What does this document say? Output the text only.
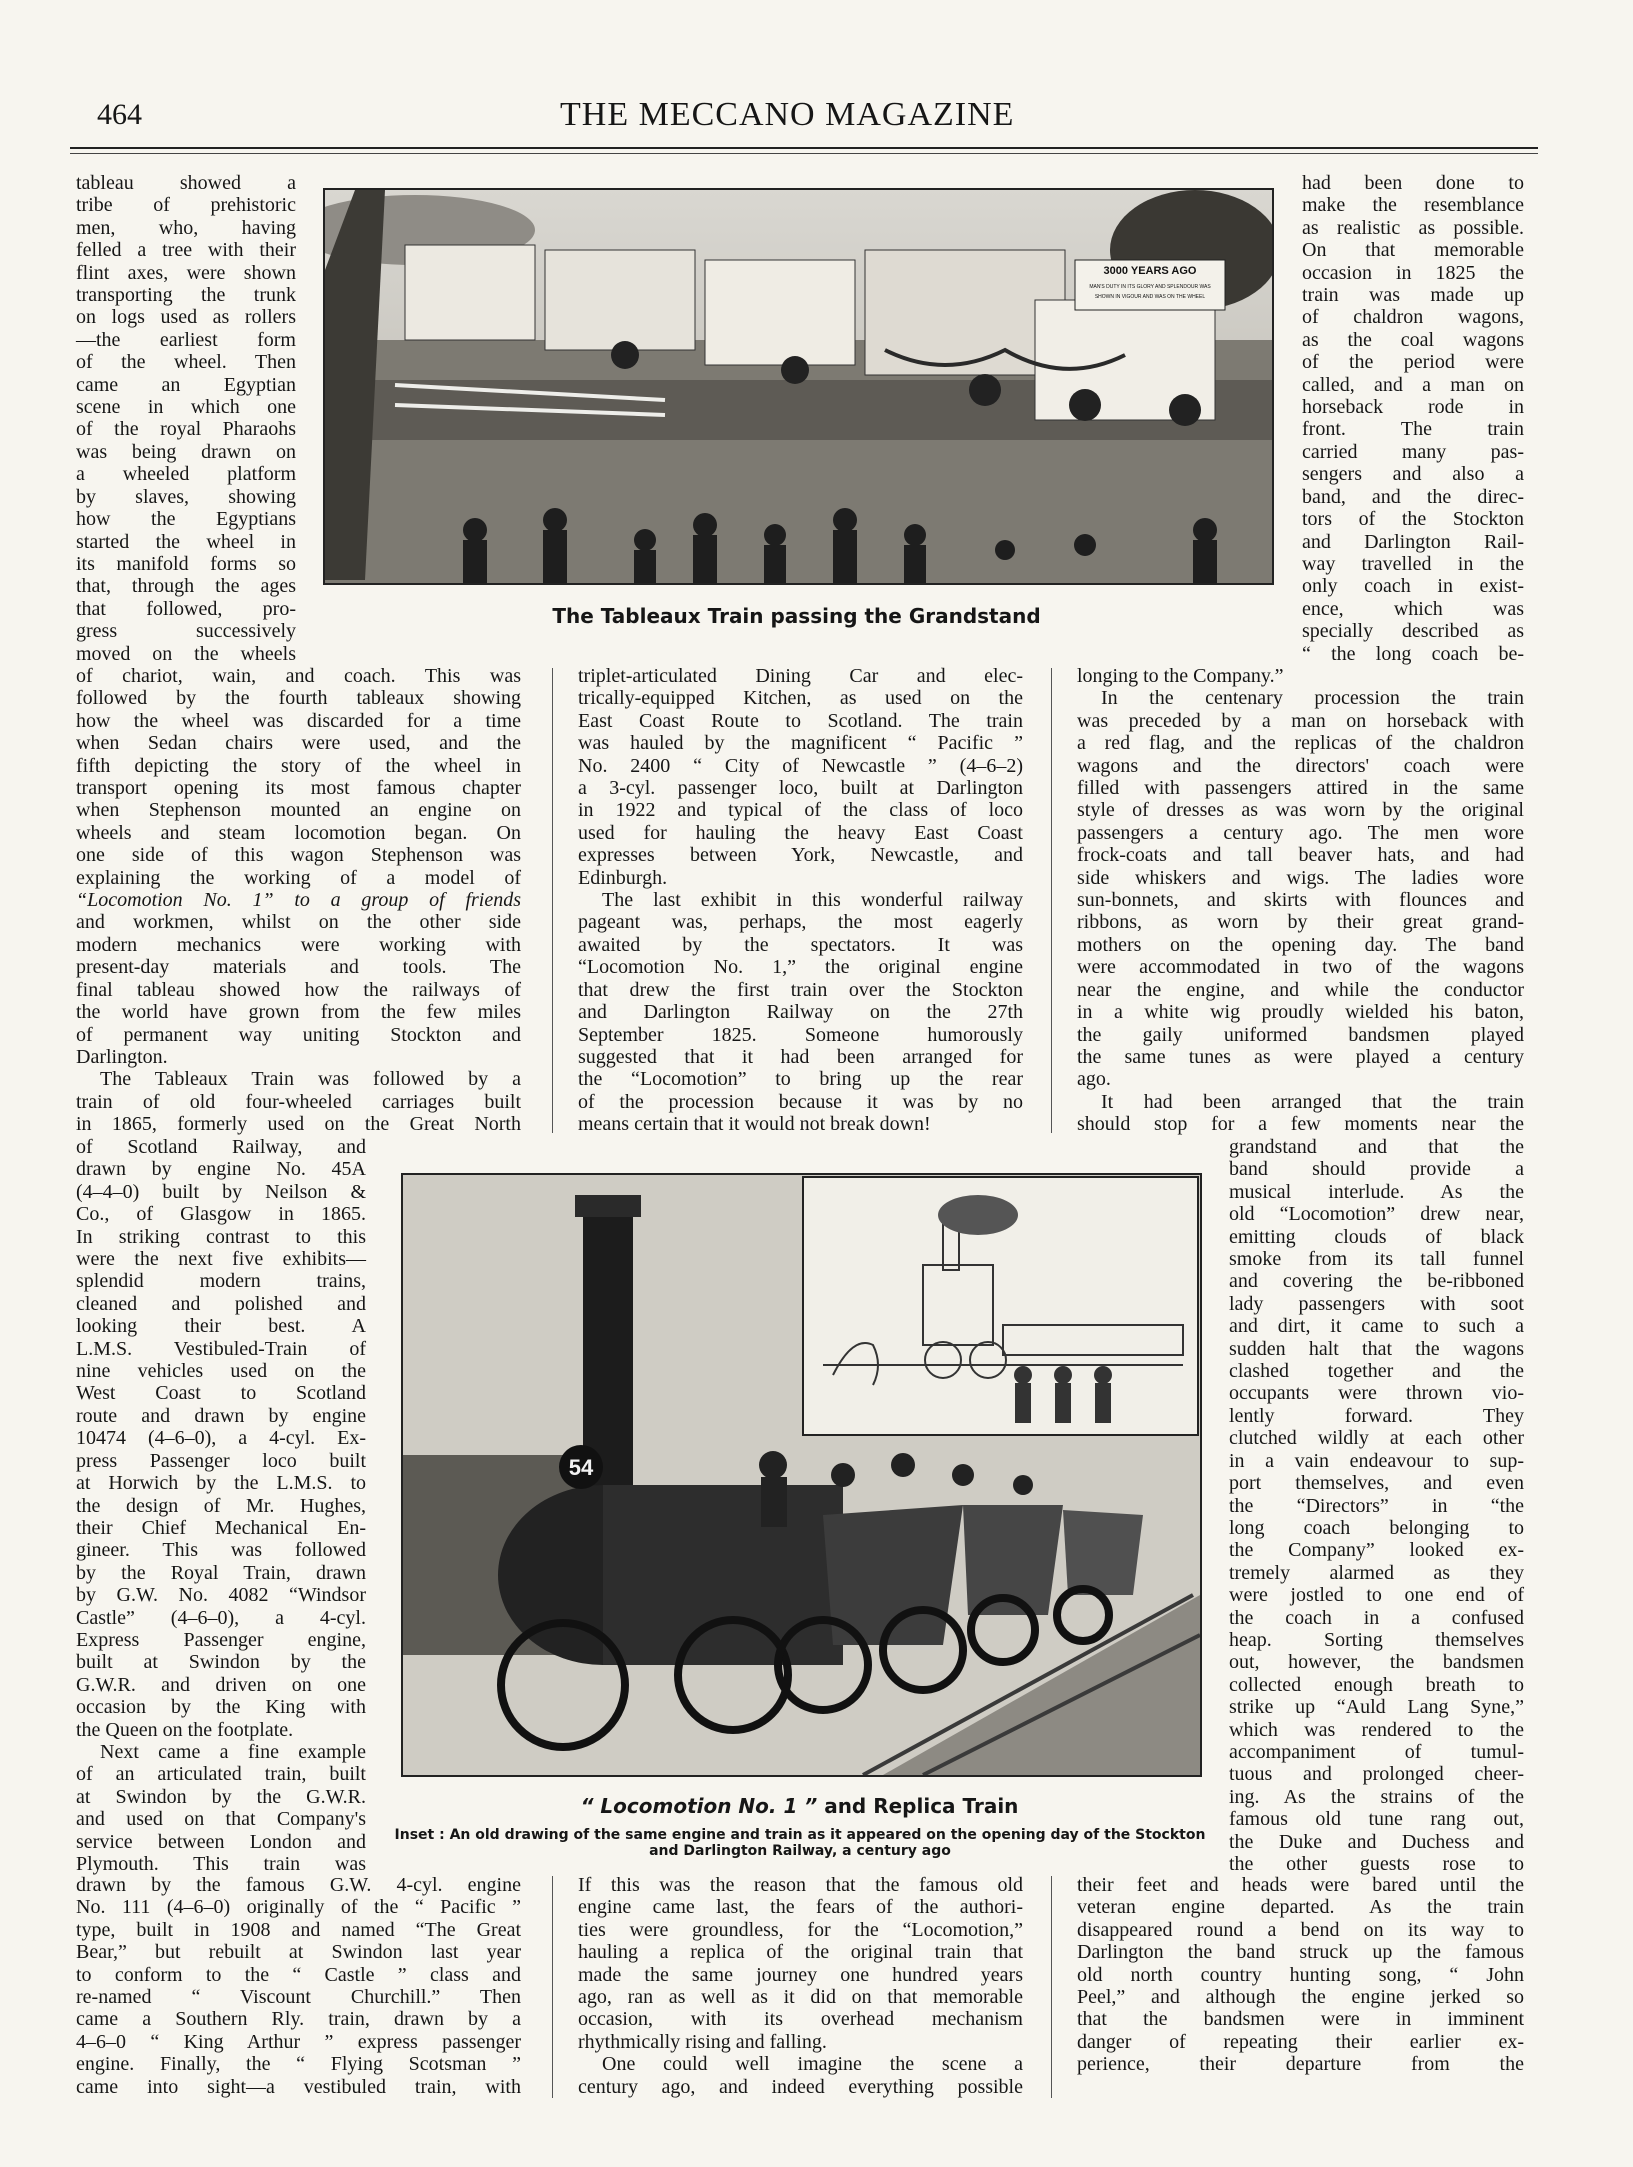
464	THE MECCANO MAGAZINE
3000 YEARS AGO
MAN'S DUTY IN ITS GLORY AND SPLENDOUR WAS
SHOWN IN VIGOUR AND WAS ON THE WHEEL
The Tableaux Train passing the Grandstand
54
“ Locomotion No. 1 ” and Replica Train
Inset : An old drawing of the same engine and train as it appeared on the opening day of the Stockton
and Darlington Railway, a century ago

tableau showed a

tribe of prehistoric

men, who, having

felled a tree with their

flint axes, were shown

transporting the trunk

on logs used as rollers

—the earliest form

of the wheel. Then

came an Egyptian

scene in which one

of the royal Pharaohs

was being drawn on

a wheeled platform

by slaves, showing

how the Egyptians

started the wheel in

its manifold forms so

that, through the ages

that followed, pro-

gress successively

moved on the wheels

of chariot, wain, and coach. This was

followed by the fourth tableaux showing

how the wheel was discarded for a time

when Sedan chairs were used, and the

fifth depicting the story of the wheel in

transport opening its most famous chapter

when Stephenson mounted an engine on

wheels and steam locomotion began. On

one side of this wagon Stephenson was

explaining the working of a model of

“Locomotion No. 1” to a group of friends

and workmen, whilst on the other side

modern mechanics were working with

present-day materials and tools. The

final tableau showed how the railways of

the world have grown from the few miles

of permanent way uniting Stockton and

Darlington.

The Tableaux Train was followed by a

train of old four-wheeled carriages built

in 1865, formerly used on the Great North

of Scotland Railway, and

drawn by engine No. 45A

(4–4–0) built by Neilson &

Co., of Glasgow in 1865.

In striking contrast to this

were the next five exhibits—

splendid modern trains,

cleaned and polished and

looking their best. A

L.M.S. Vestibuled-Train of

nine vehicles used on the

West Coast to Scotland

route and drawn by engine

10474 (4–6–0), a 4-cyl. Ex-

press Passenger loco built

at Horwich by the L.M.S. to

the design of Mr. Hughes,

their Chief Mechanical En-

gineer. This was followed

by the Royal Train, drawn

by G.W. No. 4082 “Windsor

Castle” (4–6–0), a 4-cyl.

Express Passenger engine,

built at Swindon by the

G.W.R. and driven on one

occasion by the King with

the Queen on the footplate.

Next came a fine example

of an articulated train, built

at Swindon by the G.W.R.

and used on that Company's

service between London and

Plymouth. This train was

drawn by the famous G.W. 4-cyl. engine

No. 111 (4–6–0) originally of the “ Pacific ”

type, built in 1908 and named “The Great

Bear,” but rebuilt at Swindon last year

to conform to the “ Castle ” class and

re-named “ Viscount Churchill.” Then

came a Southern Rly. train, drawn by a

4–6–0 “ King Arthur ” express passenger

engine. Finally, the “ Flying Scotsman ”

came into sight—a vestibuled train, with

triplet-articulated Dining Car and elec-

trically-equipped Kitchen, as used on the

East Coast Route to Scotland. The train

was hauled by the magnificent “ Pacific ”

No. 2400 “ City of Newcastle ” (4–6–2)

a 3-cyl. passenger loco, built at Darlington

in 1922 and typical of the class of loco

used for hauling the heavy East Coast

expresses between York, Newcastle, and

Edinburgh.

The last exhibit in this wonderful railway

pageant was, perhaps, the most eagerly

awaited by the spectators. It was

“Locomotion No. 1,” the original engine

that drew the first train over the Stockton

and Darlington Railway on the 27th

September 1825. Someone humorously

suggested that it had been arranged for

the “Locomotion” to bring up the rear

of the procession because it was by no

means certain that it would not break down!

If this was the reason that the famous old

engine came last, the fears of the authori-

ties were groundless, for the “Locomotion,”

hauling a replica of the original train that

made the same journey one hundred years

ago, ran as well as it did on that memorable

occasion, with its overhead mechanism

rhythmically rising and falling.

One could well imagine the scene a

century ago, and indeed everything possible

had been done to

make the resemblance

as realistic as possible.

On that memorable

occasion in 1825 the

train was made up

of chaldron wagons,

as the coal wagons

of the period were

called, and a man on

horseback rode in

front. The train

carried many pas-

sengers and also a

band, and the direc-

tors of the Stockton

and Darlington Rail-

way travelled in the

only coach in exist-

ence, which was

specially described as

“ the long coach be-

longing to the Company.”

In the centenary procession the train

was preceded by a man on horseback with

a red flag, and the replicas of the chaldron

wagons and the directors' coach were

filled with passengers attired in the same

style of dresses as was worn by the original

passengers a century ago. The men wore

frock-coats and tall beaver hats, and had

side whiskers and wigs. The ladies wore

sun-bonnets, and skirts with flounces and

ribbons, as worn by their great grand-

mothers on the opening day. The band

were accommodated in two of the wagons

near the engine, and while the conductor

in a white wig proudly wielded his baton,

the gaily uniformed bandsmen played

the same tunes as were played a century

ago.

It had been arranged that the train

should stop for a few moments near the

grandstand and that the

band should provide a

musical interlude. As the

old “Locomotion” drew near,

emitting clouds of black

smoke from its tall funnel

and covering the be-ribboned

lady passengers with soot

and dirt, it came to such a

sudden halt that the wagons

clashed together and the

occupants were thrown vio-

lently forward. They

clutched wildly at each other

in a vain endeavour to sup-

port themselves, and even

the “Directors” in “the

long coach belonging to

the Company” looked ex-

tremely alarmed as they

were jostled to one end of

the coach in a confused

heap. Sorting themselves

out, however, the bandsmen

collected enough breath to

strike up “Auld Lang Syne,”

which was rendered to the

accompaniment of tumul-

tuous and prolonged cheer-

ing. As the strains of the

famous old tune rang out,

the Duke and Duchess and

the other guests rose to

their feet and heads were bared until the

veteran engine departed. As the train

disappeared round a bend on its way to

Darlington the band struck up the famous

old north country hunting song, “ John

Peel,” and although the engine jerked so

that the bandsmen were in imminent

danger of repeating their earlier ex-

perience, their departure from the
